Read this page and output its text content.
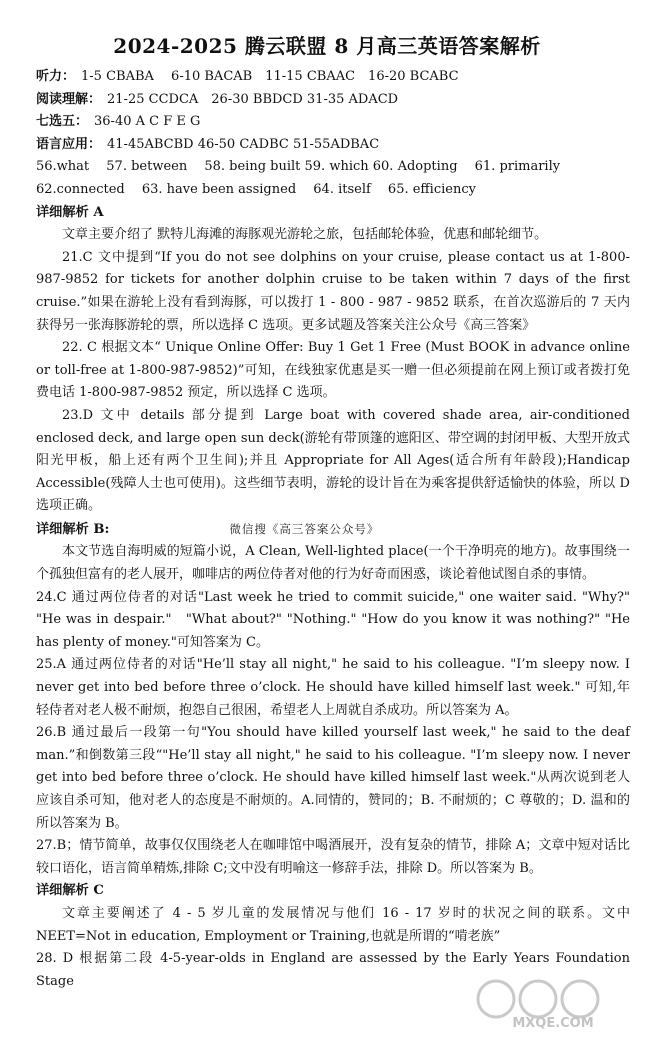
2024-2025 腾云联盟 8 月高三英语答案解析
听力： 1-5 CBABA　 6-10 BACAB　11-15 CBAAC　16-20 BCABC
阅读理解： 21-25 CCDCA　26-30 BBDCD 31-35 ADACD
七选五： 36-40 A C F E G
语言应用： 41-45ABCBD 46-50 CADBC 51-55ADBAC
56.what　 57. between　 58. being built 59. which 60. Adopting　 61. primarily
62.connected　 63. have been assigned　 64. itself　 65. efficiency
详细解析 A

文章主要介绍了 默特儿海滩的海豚观光游轮之旅，包括邮轮体验，优惠和邮轮细节。

21.C 文中提到“If you do not see dolphins on your cruise, please contact us at 1-800-987-9852 for tickets for another dolphin cruise to be taken within 7 days of the first cruise.”如果在游轮上没有看到海豚，可以拨打 1 - 800 - 987 - 9852 联系，在首次巡游后的 7 天内获得另一张海豚游轮的票，所以选择 C 选项。更多试题及答案关注公众号《高三答案》

22. C 根据文本“ Unique Online Offer: Buy 1 Get 1 Free (Must BOOK in advance online or toll-free at 1-800-987-9852)”可知，在线独家优惠是买一赠一但必须提前在网上预订或者拨打免费电话 1-800-987-9852 预定，所以选择 C 选项。

23.D 文中 details 部分提到 Large boat with covered shade area, air-conditioned enclosed deck, and large open sun deck(游轮有带顶篷的遮阳区、带空调的封闭甲板、大型开放式阳光甲板，船上还有两个卫生间);并且 Appropriate for All Ages(适合所有年龄段);Handicap Accessible(残障人士也可使用)。这些细节表明，游轮的设计旨在为乘客提供舒适愉快的体验，所以 D 选项正确。

详细解析 B:	微信搜《高三答案公众号》

本文节选自海明威的短篇小说，A Clean, Well-lighted place(一个干净明亮的地方)。故事围绕一个孤独但富有的老人展开，咖啡店的两位侍者对他的行为好奇而困惑，谈论着他试图自杀的事情。

24.C 通过两位侍者的对话"Last week he tried to commit suicide," one waiter said. "Why?" "He was in despair."　"What about?" "Nothing." "How do you know it was nothing?" "He has plenty of money."可知答案为 C。

25.A 通过两位侍者的对话"He’ll stay all night," he said to his colleague. "I’m sleepy now. I never get into bed before three o’clock. He should have killed himself last week." 可知,年轻侍者对老人极不耐烦，抱怨自己很困，希望老人上周就自杀成功。所以答案为 A。

26.B 通过最后一段第一句"You should have killed yourself last week," he said to the deaf man.”和倒数第三段“"He’ll stay all night," he said to his colleague. "I’m sleepy now. I never get into bed before three o’clock. He should have killed himself last week."从两次说到老人应该自杀可知，他对老人的态度是不耐烦的。A.同情的，赞同的；B. 不耐烦的；C 尊敬的；D. 温和的所以答案为 B。

27.B；情节简单，故事仅仅围绕老人在咖啡馆中喝酒展开，没有复杂的情节，排除 A；文章中短对话比较口语化，语言简单精炼,排除 C;文中没有明喻这一修辞手法，排除 D。所以答案为 B。

详细解析 C

文章主要阐述了 4 - 5 岁儿童的发展情况与他们 16 - 17 岁时的状况之间的联系。文中 NEET=Not in education, Employment or Training,也就是所谓的“啃老族”

28. D 根据第二段 4-5-year-olds in England are assessed by the Early Years Foundation Stage

MXQE.COM
